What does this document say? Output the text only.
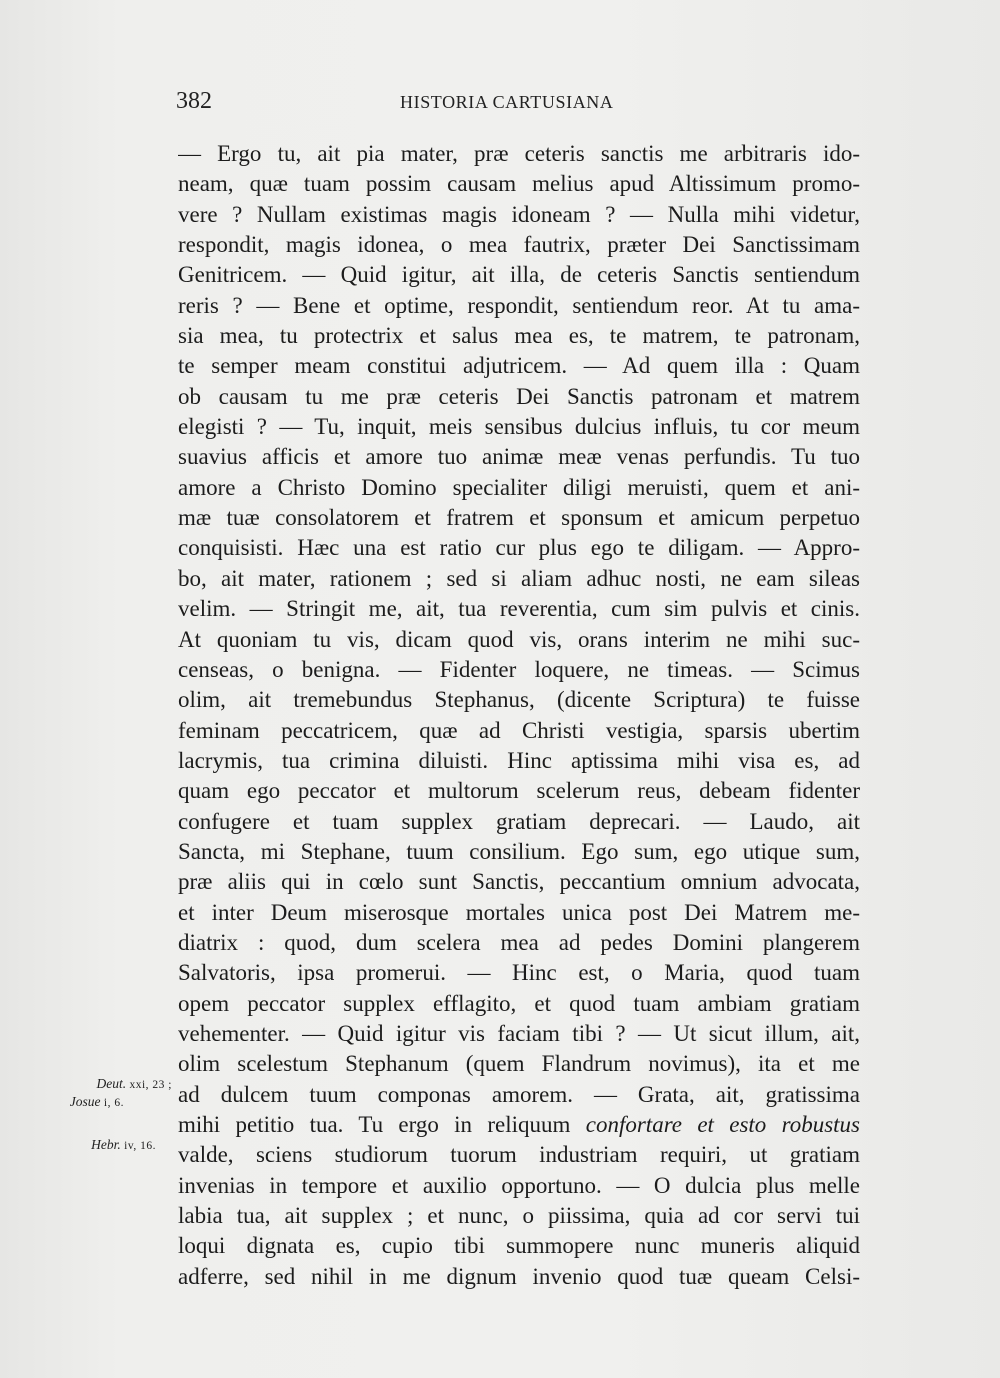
382	HISTORIA CARTUSIANA
— Ergo tu, ait pia mater, præ ceteris sanctis me arbitraris ido-
neam, quæ tuam possim causam melius apud Altissimum promo-
vere ? Nullam existimas magis idoneam ? — Nulla mihi videtur,
respondit, magis idonea, o mea fautrix, præter Dei Sanctissimam
Genitricem. — Quid igitur, ait illa, de ceteris Sanctis sentiendum
reris ? — Bene et optime, respondit, sentiendum reor. At tu ama-
sia mea, tu protectrix et salus mea es, te matrem, te patronam,
te semper meam constitui adjutricem. — Ad quem illa : Quam
ob causam tu me præ ceteris Dei Sanctis patronam et matrem
elegisti ? — Tu, inquit, meis sensibus dulcius influis, tu cor meum
suavius afficis et amore tuo animæ meæ venas perfundis. Tu tuo
amore a Christo Domino specialiter diligi meruisti, quem et ani-
mæ tuæ consolatorem et fratrem et sponsum et amicum perpetuo
conquisisti. Hæc una est ratio cur plus ego te diligam. — Appro-
bo, ait mater, rationem ; sed si aliam adhuc nosti, ne eam sileas
velim. — Stringit me, ait, tua reverentia, cum sim pulvis et cinis.
At quoniam tu vis, dicam quod vis, orans interim ne mihi suc-
censeas, o benigna. — Fidenter loquere, ne timeas. — Scimus
olim, ait tremebundus Stephanus, (dicente Scriptura) te fuisse
feminam peccatricem, quæ ad Christi vestigia, sparsis ubertim
lacrymis, tua crimina diluisti. Hinc aptissima mihi visa es, ad
quam ego peccator et multorum scelerum reus, debeam fidenter
confugere et tuam supplex gratiam deprecari. — Laudo, ait
Sancta, mi Stephane, tuum consilium. Ego sum, ego utique sum,
præ aliis qui in cœlo sunt Sanctis, peccantium omnium advocata,
et inter Deum miserosque mortales unica post Dei Matrem me-
diatrix : quod, dum scelera mea ad pedes Domini plangerem
Salvatoris, ipsa promerui. — Hinc est, o Maria, quod tuam
opem peccator supplex efflagito, et quod tuam ambiam gratiam
vehementer. — Quid igitur vis faciam tibi ? — Ut sicut illum, ait,
olim scelestum Stephanum (quem Flandrum novimus), ita et me
ad dulcem tuum componas amorem. — Grata, ait, gratissima
mihi petitio tua. Tu ergo in reliquum confortare et esto robustus
valde, sciens studiorum tuorum industriam requiri, ut gratiam
invenias in tempore et auxilio opportuno. — O dulcia plus melle
labia tua, ait supplex ; et nunc, o piissima, quia ad cor servi tui
loqui dignata es, cupio tibi summopere nunc muneris aliquid
adferre, sed nihil in me dignum invenio quod tuæ queam Celsi-
Deut. xxi, 23 ;
Josue i, 6.
Hebr. iv, 16.
